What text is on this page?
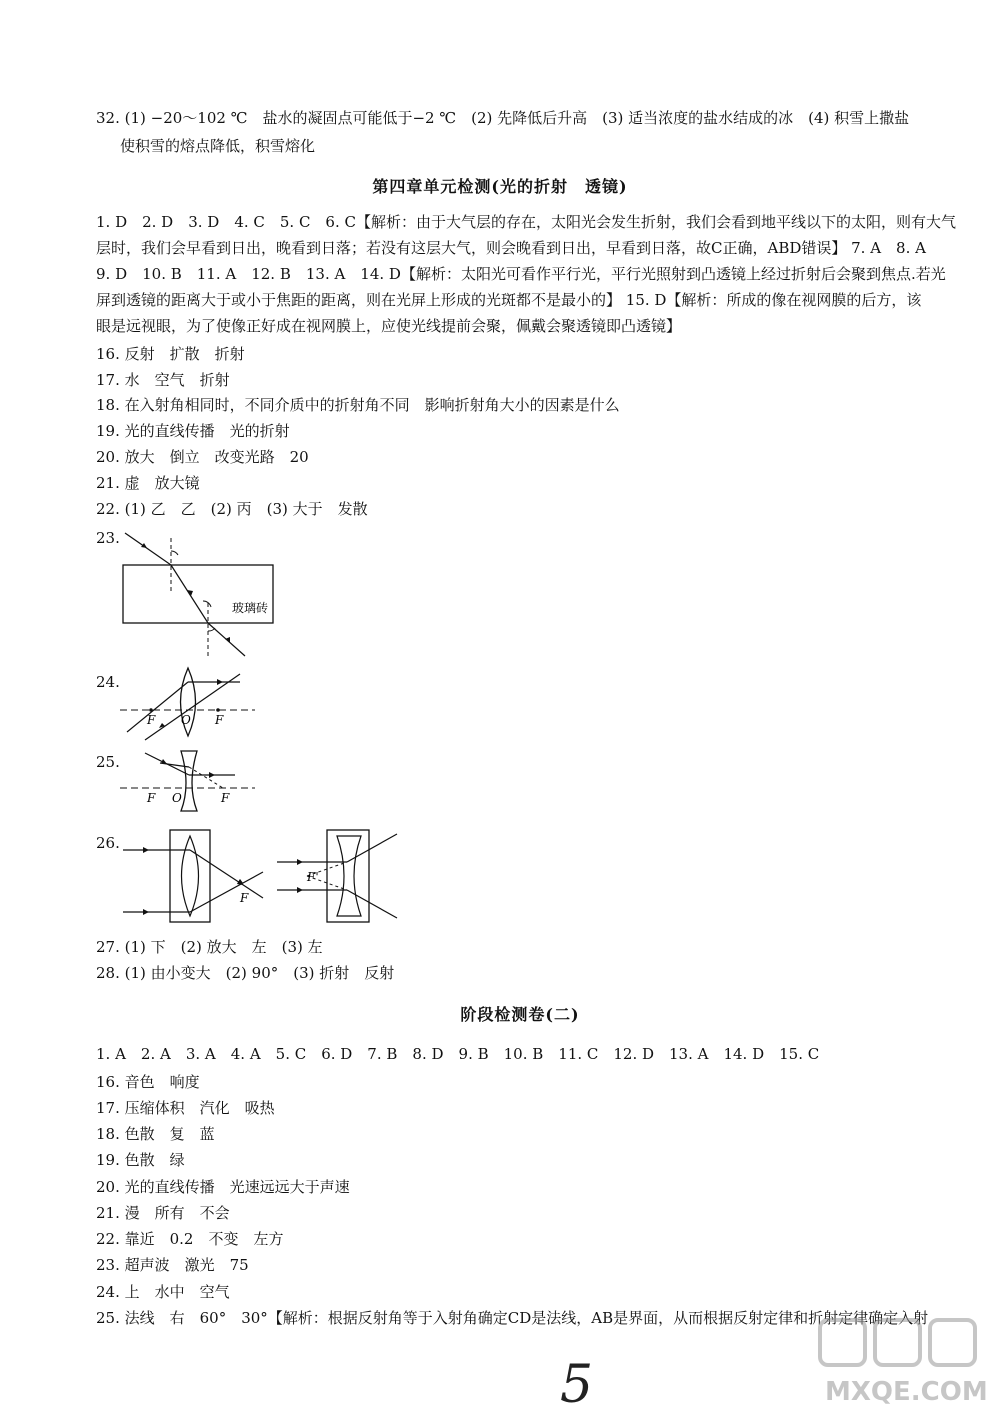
32. (1) −20～102 ℃　盐水的凝固点可能低于−2 ℃　(2) 先降低后升高　(3) 适当浓度的盐水结成的冰　(4) 积雪上撒盐
使积雪的熔点降低，积雪熔化
第四章单元检测(光的折射　透镜)
1. D　2. D　3. D　4. C　5. C　6. C【解析：由于大气层的存在，太阳光会发生折射，我们会看到地平线以下的太阳，则有大气
层时，我们会早看到日出，晚看到日落；若没有这层大气，则会晚看到日出，早看到日落，故C正确，ABD错误】 7. A　8. A
9. D　10. B　11. A　12. B　13. A　14. D【解析：太阳光可看作平行光，平行光照射到凸透镜上经过折射后会聚到焦点.若光
屏到透镜的距离大于或小于焦距的距离，则在光屏上形成的光斑都不是最小的】 15. D【解析：所成的像在视网膜的后方，该
眼是远视眼，为了使像正好成在视网膜上，应使光线提前会聚，佩戴会聚透镜即凸透镜】
16. 反射　扩散　折射
17. 水　空气　折射
18. 在入射角相同时，不同介质中的折射角不同　影响折射角大小的因素是什么
19. 光的直线传播　光的折射
20. 放大　倒立　改变光路　20
21. 虚　放大镜
22. (1) 乙　乙　(2) 丙　(3) 大于　发散
23.
玻璃砖
24.
F O F
25.
F O	F
26.
F
F'
27. (1) 下　(2) 放大　左　(3) 左
28. (1) 由小变大　(2) 90°　(3) 折射　反射
阶段检测卷(二)
1. A　2. A　3. A　4. A　5. C　6. D　7. B　8. D　9. B　10. B　11. C　12. D　13. A　14. D　15. C
16. 音色　响度
17. 压缩体积　汽化　吸热
18. 色散　复　蓝
19. 色散　绿
20. 光的直线传播　光速远远大于声速
21. 漫　所有　不会
22. 靠近　0.2　不变　左方
23. 超声波　激光　75
24. 上　水中　空气
25. 法线　右　60°　30°【解析：根据反射角等于入射角确定CD是法线，AB是界面，从而根据反射定律和折射定律确定入射
5	MXQE.COM
